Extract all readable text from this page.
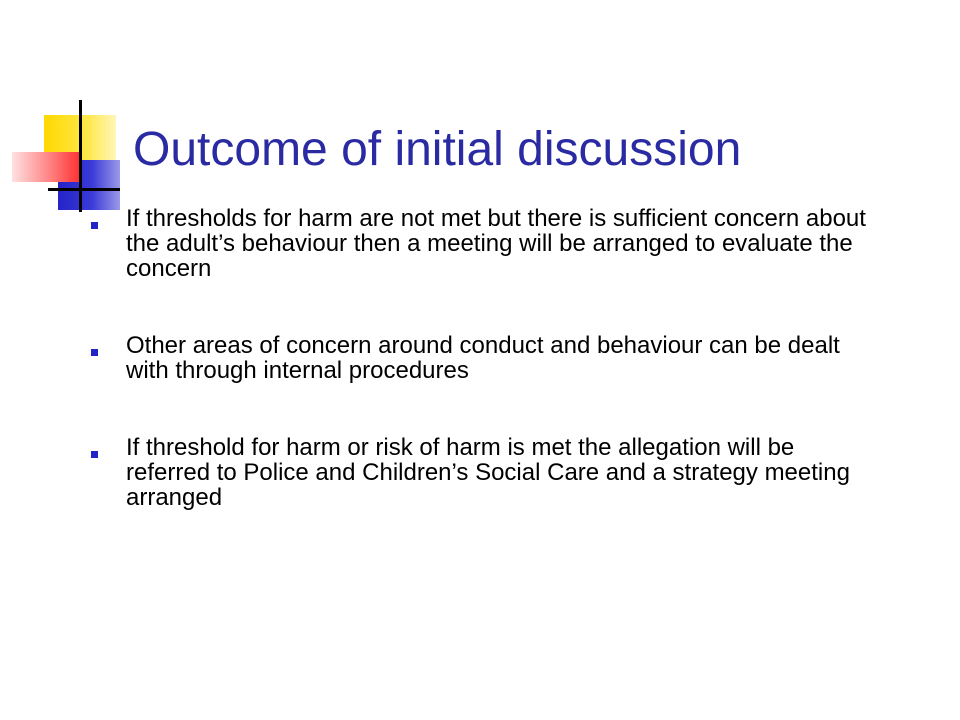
Outcome of initial discussion
If thresholds for harm are not met but there is sufficient concern about the adult’s behaviour then a meeting will be arranged to evaluate the concern
Other areas of concern around conduct and behaviour can be dealt with through internal procedures
If threshold for harm or risk of harm is met the allegation will be referred to Police and Children’s Social Care and a strategy meeting arranged
